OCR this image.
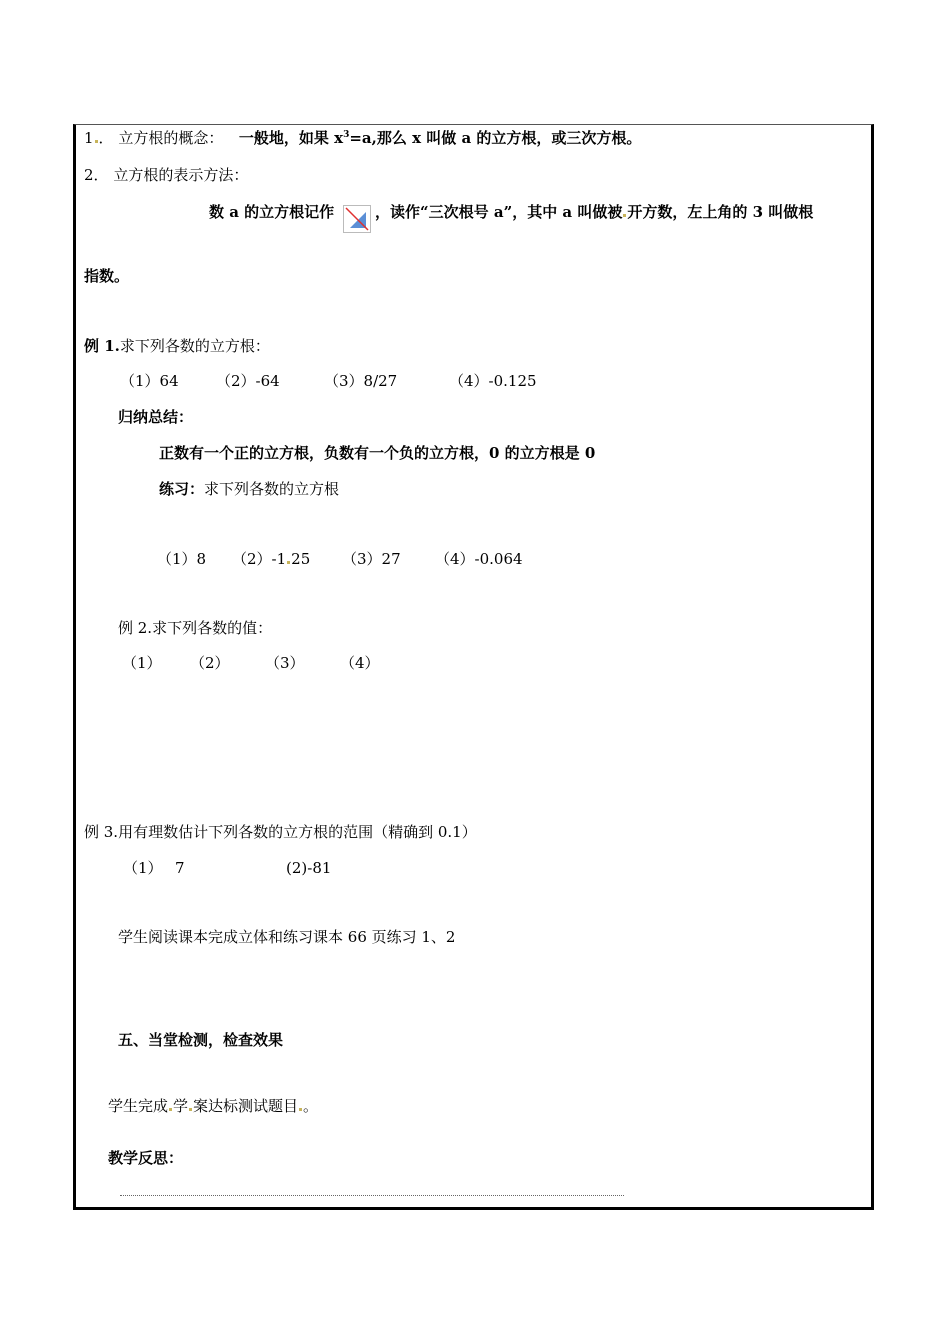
1 ． 立方根的概念： 一般地，如果 $x^3=a$,那么 x 叫做 a 的立方根，或三次方根。
2． 立方根的表示方法：
数 a 的立方根记作	，读作“三次根号 a”，其中 a 叫做被 开方数，左上角的 3 叫做根
指数。
例 1.求下列各数的立方根：
（1）64 （2）-64	（3）8/27	（4）-0.125
归纳总结：
正数有一个正的立方根，负数有一个负的立方根，0 的立方根是 0
练习：求下列各数的立方根
（1）8 （2）-1 25 （3）27 （4）-0.064
例 2.求下列各数的值：
（1） （2） （3） （4）
例 3.用有理数估计下列各数的立方根的范围（精确到 0.1）
（1） 7	(2)-81
学生阅读课本完成立体和练习课本 66 页练习 1、2
五、当堂检测，检查效果
学生完成 学 案达标测试题目 。
教学反思：
